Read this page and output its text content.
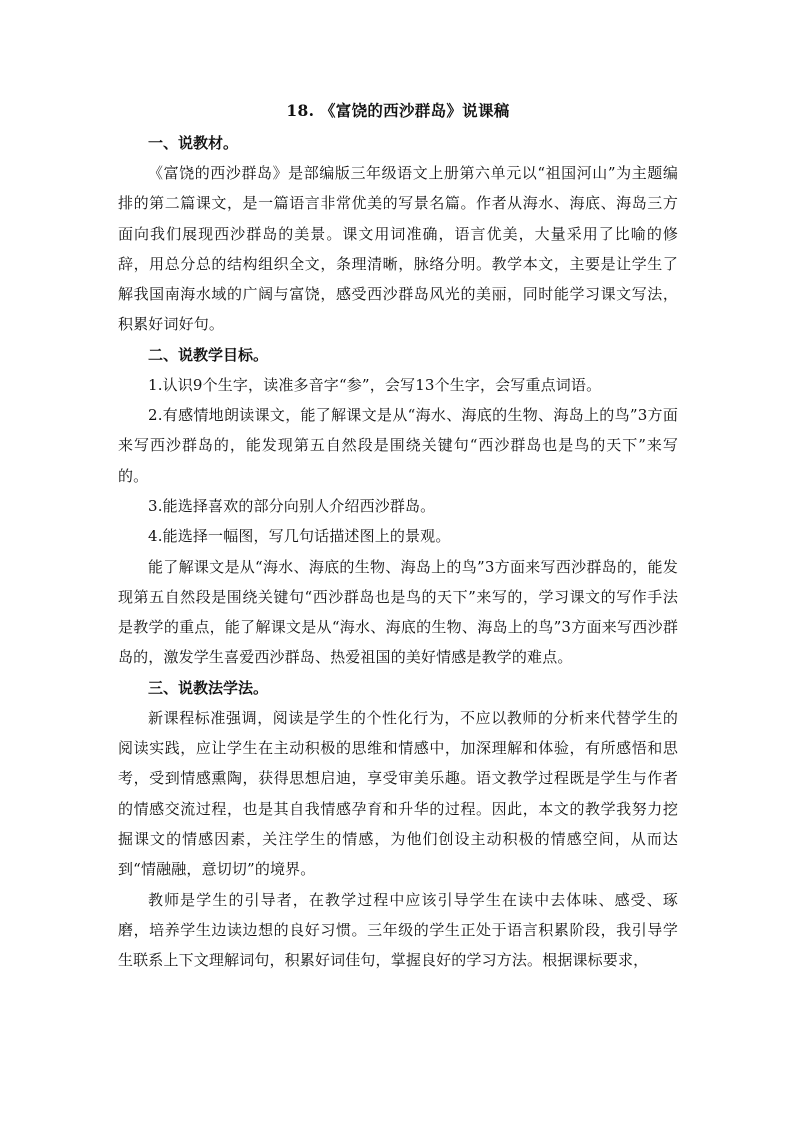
18. 《富饶的西沙群岛》说课稿

一、说教材。

《富饶的西沙群岛》是部编版三年级语文上册第六单元以“祖国河山”为主题编排的第二篇课文，是一篇语言非常优美的写景名篇。作者从海水、海底、海岛三方面向我们展现西沙群岛的美景。课文用词准确，语言优美，大量采用了比喻的修辞，用总分总的结构组织全文，条理清晰，脉络分明。教学本文，主要是让学生了解我国南海水域的广阔与富饶，感受西沙群岛风光的美丽，同时能学习课文写法，积累好词好句。

二、说教学目标。

1.认识9个生字，读准多音字“参”，会写13个生字，会写重点词语。

2.有感情地朗读课文，能了解课文是从“海水、海底的生物、海岛上的鸟”3方面来写西沙群岛的，能发现第五自然段是围绕关键句“西沙群岛也是鸟的天下”来写的。

3.能选择喜欢的部分向别人介绍西沙群岛。

4.能选择一幅图，写几句话描述图上的景观。

能了解课文是从“海水、海底的生物、海岛上的鸟”3方面来写西沙群岛的，能发现第五自然段是围绕关键句“西沙群岛也是鸟的天下”来写的，学习课文的写作手法是教学的重点，能了解课文是从“海水、海底的生物、海岛上的鸟”3方面来写西沙群岛的，激发学生喜爱西沙群岛、热爱祖国的美好情感是教学的难点。

三、说教法学法。

新课程标准强调，阅读是学生的个性化行为，不应以教师的分析来代替学生的阅读实践，应让学生在主动积极的思维和情感中，加深理解和体验，有所感悟和思考，受到情感熏陶，获得思想启迪，享受审美乐趣。语文教学过程既是学生与作者的情感交流过程，也是其自我情感孕育和升华的过程。因此，本文的教学我努力挖掘课文的情感因素，关注学生的情感，为他们创设主动积极的情感空间，从而达到“情融融，意切切”的境界。

教师是学生的引导者，在教学过程中应该引导学生在读中去体味、感受、琢磨，培养学生边读边想的良好习惯。三年级的学生正处于语言积累阶段，我引导学生联系上下文理解词句，积累好词佳句，掌握良好的学习方法。根据课标要求，
